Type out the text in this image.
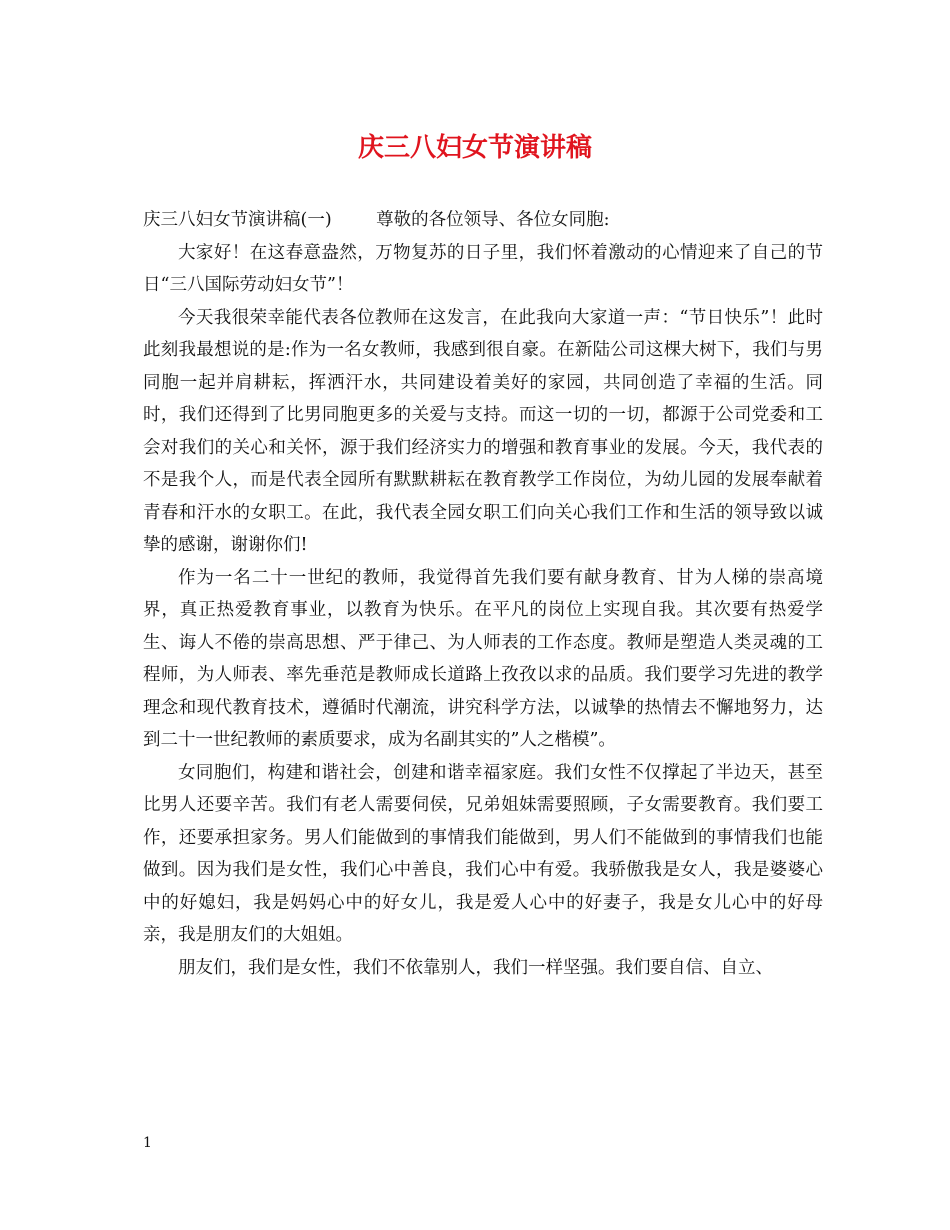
庆三八妇女节演讲稿

庆三八妇女节演讲稿(一)	尊敬的各位领导、各位女同胞:

大家好！在这春意盎然，万物复苏的日子里，我们怀着激动的心情迎来了自己的节日“三八国际劳动妇女节”！

今天我很荣幸能代表各位教师在这发言，在此我向大家道一声：“节日快乐”！此时此刻我最想说的是:作为一名女教师，我感到很自豪。在新陆公司这棵大树下，我们与男同胞一起并肩耕耘，挥洒汗水，共同建设着美好的家园，共同创造了幸福的生活。同时，我们还得到了比男同胞更多的关爱与支持。而这一切的一切，都源于公司党委和工会对我们的关心和关怀，源于我们经济实力的增强和教育事业的发展。今天，我代表的不是我个人，而是代表全园所有默默耕耘在教育教学工作岗位，为幼儿园的发展奉献着青春和汗水的女职工。在此，我代表全园女职工们向关心我们工作和生活的领导致以诚挚的感谢，谢谢你们!

作为一名二十一世纪的教师，我觉得首先我们要有献身教育、甘为人梯的崇高境界，真正热爱教育事业，以教育为快乐。在平凡的岗位上实现自我。其次要有热爱学生、诲人不倦的崇高思想、严于律己、为人师表的工作态度。教师是塑造人类灵魂的工程师，为人师表、率先垂范是教师成长道路上孜孜以求的品质。我们要学习先进的教学理念和现代教育技术，遵循时代潮流，讲究科学方法，以诚挚的热情去不懈地努力，达到二十一世纪教师的素质要求，成为名副其实的”人之楷模”。

女同胞们，构建和谐社会，创建和谐幸福家庭。我们女性不仅撑起了半边天，甚至比男人还要辛苦。我们有老人需要伺侯，兄弟姐妹需要照顾，子女需要教育。我们要工作，还要承担家务。男人们能做到的事情我们能做到，男人们不能做到的事情我们也能做到。因为我们是女性，我们心中善良，我们心中有爱。我骄傲我是女人，我是婆婆心中的好媳妇，我是妈妈心中的好女儿，我是爱人心中的好妻子，我是女儿心中的好母亲，我是朋友们的大姐姐。

朋友们，我们是女性，我们不依靠别人，我们一样坚强。我们要自信、自立、

1
